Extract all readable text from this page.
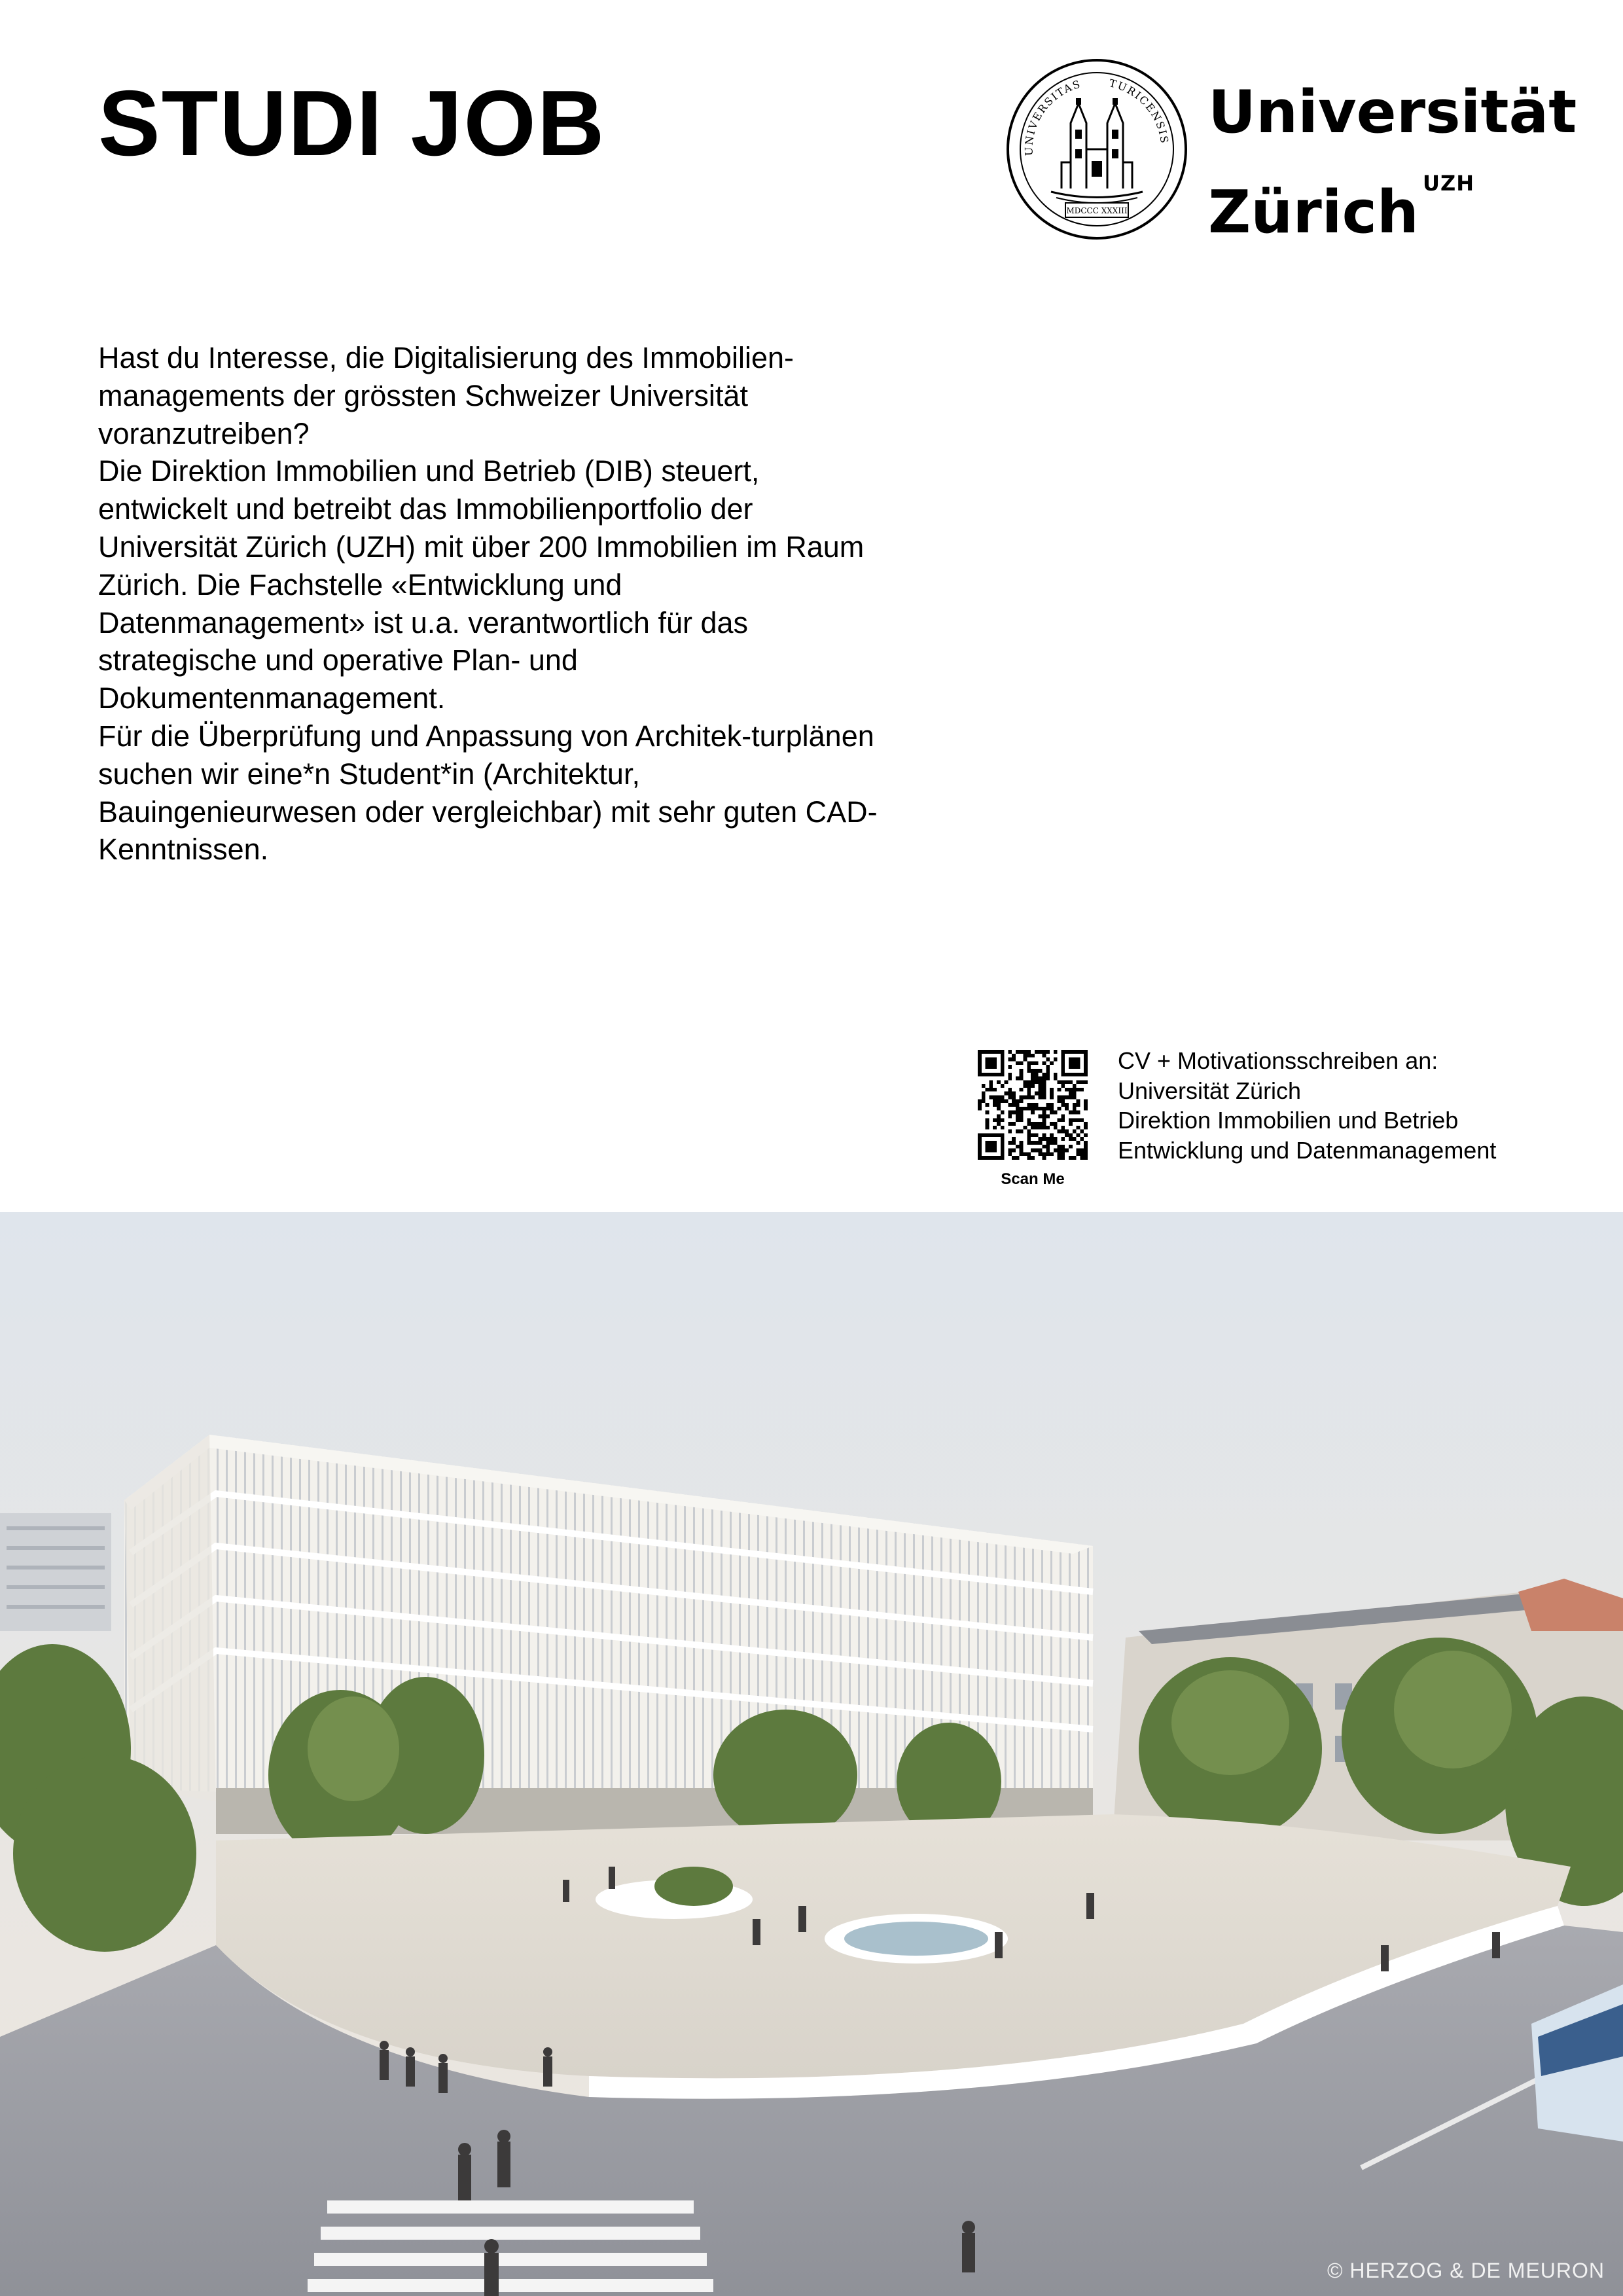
STUDI JOB	UNIVERSITAS TURICENSIS
MDCCC XXXIII
Universität
Zürich $^{UZH}$

Hast du Interesse, die Digitalisierung des Immobilien-managements der grössten Schweizer Universität voranzutreiben?

Die Direktion Immobilien und Betrieb (DIB) steuert, entwickelt und betreibt das Immobilienportfolio der Universität Zürich (UZH) mit über 200 Immobilien im Raum Zürich. Die Fachstelle «Entwicklung und Datenmanagement» ist u.a. verantwortlich für das strategische und operative Plan- und Dokumentenmanagement.

Für die Überprüfung und Anpassung von Architek-turplänen suchen wir eine*n Student*in (Architektur, Bauingenieurwesen oder vergleichbar) mit sehr guten CAD-Kenntnissen.

Scan Me
CV + Motivationsschreiben an:
Universität Zürich
Direktion Immobilien und Betrieb
Entwicklung und Datenmanagement
© HERZOG & DE MEURON
